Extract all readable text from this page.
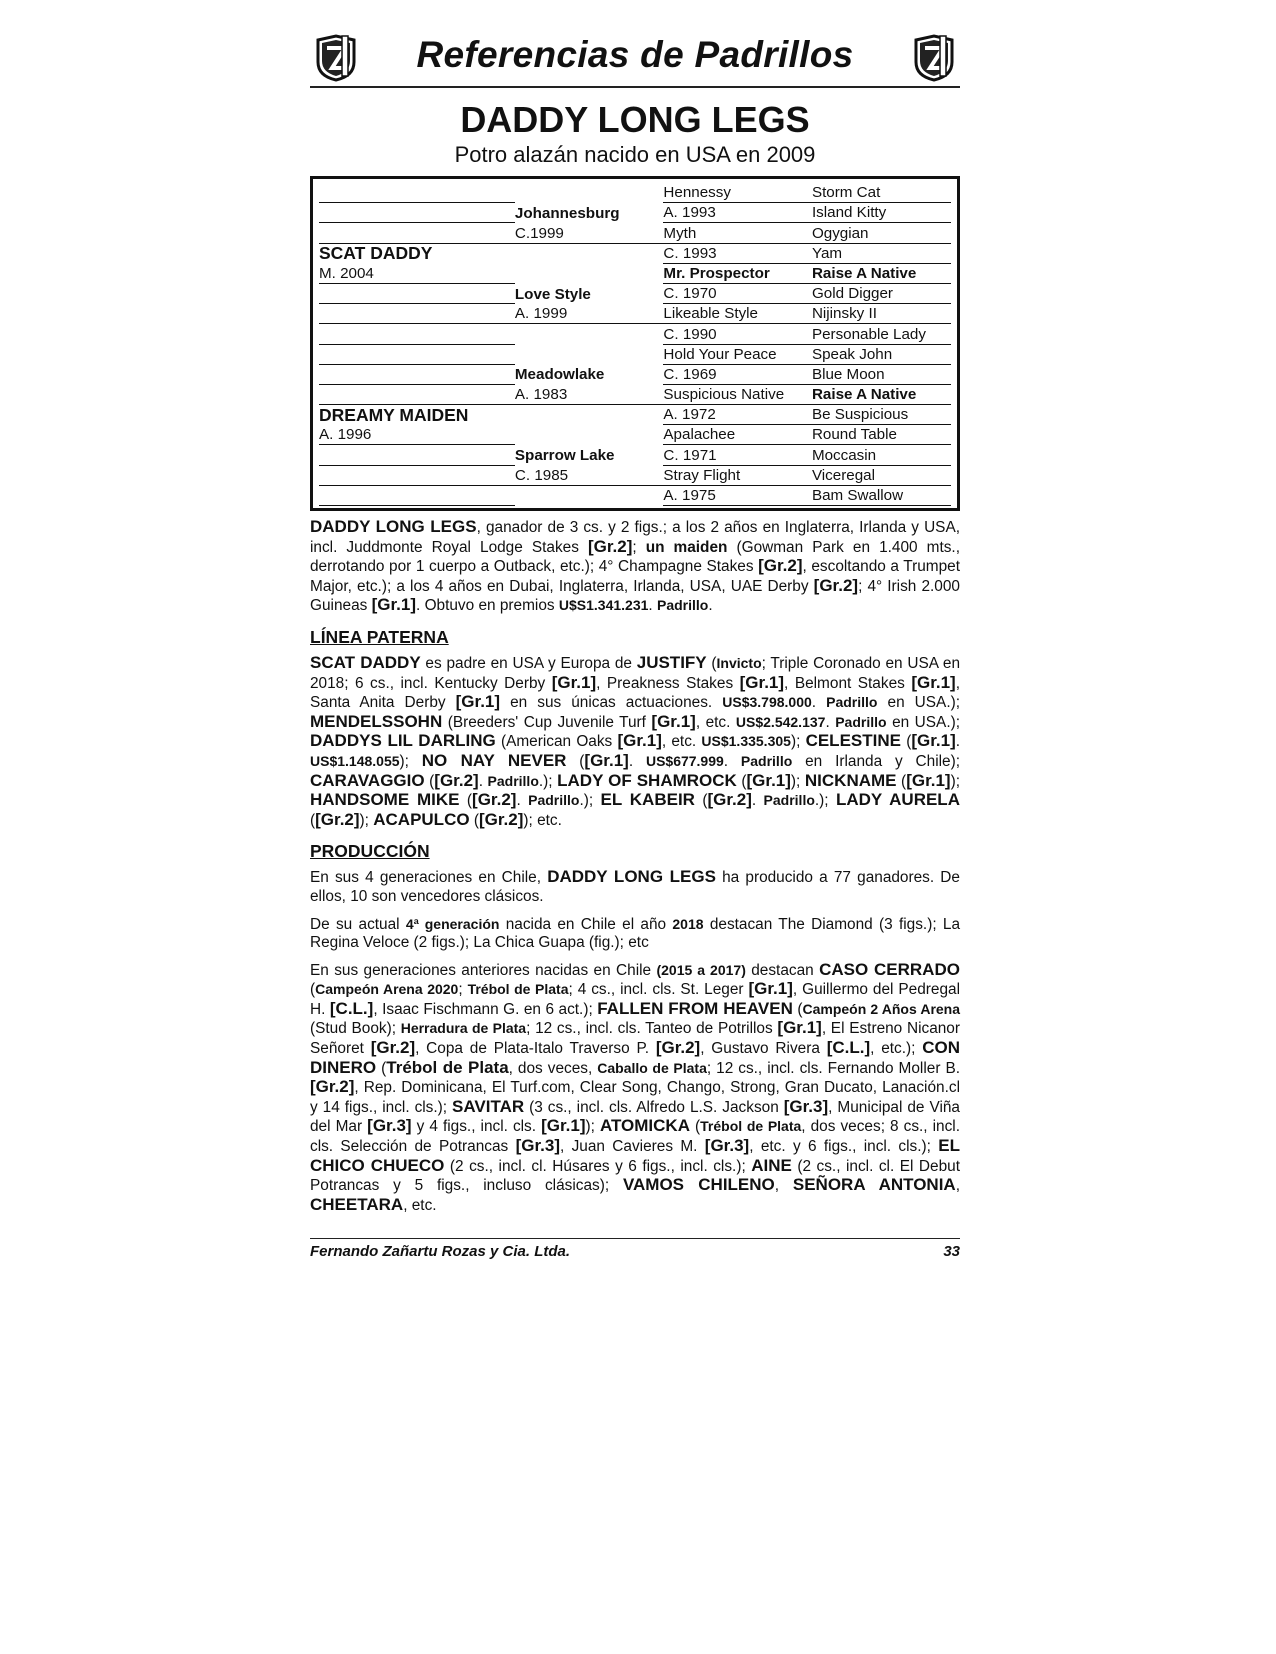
Referencias de Padrillos
DADDY LONG LEGS
Potro alazán nacido en USA en 2009
		Hennessy	Storm Cat
	Johannesburg	A. 1993	Island Kitty
	C.1999	Myth	Ogygian
SCAT DADDY		C. 1993	Yam
M. 2004		Mr. Prospector	Raise A Native
	Love Style	C. 1970	Gold Digger
	A. 1999	Likeable Style	Nijinsky II
		C. 1990	Personable Lady
		Hold Your Peace	Speak John
	Meadowlake	C. 1969	Blue Moon
	A. 1983	Suspicious Native	Raise A Native
DREAMY MAIDEN		A. 1972	Be Suspicious
A. 1996		Apalachee	Round Table
	Sparrow Lake	C. 1971	Moccasin
	C. 1985	Stray Flight	Viceregal
		A. 1975	Bam Swallow

DADDY LONG LEGS, ganador de 3 cs. y 2 figs.; a los 2 años en Inglaterra, Irlanda y USA, incl. Juddmonte Royal Lodge Stakes [Gr.2]; un maiden (Gowman Park en 1.400 mts., derrotando por 1 cuerpo a Outback, etc.); 4° Champagne Stakes [Gr.2], escoltando a Trumpet Major, etc.); a los 4 años en Dubai, Inglaterra, Irlanda, USA, UAE Derby [Gr.2]; 4° Irish 2.000 Guineas [Gr.1]. Obtuvo en premios U$S1.341.231. Padrillo.

LÍNEA PATERNA

SCAT DADDY es padre en USA y Europa de JUSTIFY (Invicto; Triple Coronado en USA en 2018; 6 cs., incl. Kentucky Derby [Gr.1], Preakness Stakes [Gr.1], Belmont Stakes [Gr.1], Santa Anita Derby [Gr.1] en sus únicas actuaciones. US$3.798.000. Padrillo en USA.); MENDELSSOHN (Breeders' Cup Juvenile Turf [Gr.1], etc. US$2.542.137. Padrillo en USA.); DADDYS LIL DARLING (American Oaks [Gr.1], etc. US$1.335.305); CELESTINE ([Gr.1]. US$1.148.055); NO NAY NEVER ([Gr.1]. US$677.999. Padrillo en Irlanda y Chile); CARAVAGGIO ([Gr.2]. Padrillo.); LADY OF SHAMROCK ([Gr.1]); NICKNAME ([Gr.1]); HANDSOME MIKE ([Gr.2]. Padrillo.); EL KABEIR ([Gr.2]. Padrillo.); LADY AURELA ([Gr.2]); ACAPULCO ([Gr.2]); etc.

PRODUCCIÓN

En sus 4 generaciones en Chile, DADDY LONG LEGS ha producido a 77 ganadores. De ellos, 10 son vencedores clásicos.

De su actual 4ª generación nacida en Chile el año 2018 destacan The Diamond (3 figs.); La Regina Veloce (2 figs.); La Chica Guapa (fig.); etc

En sus generaciones anteriores nacidas en Chile (2015 a 2017) destacan CASO CERRADO (Campeón Arena 2020; Trébol de Plata; 4 cs., incl. cls. St. Leger [Gr.1], Guillermo del Pedregal H. [C.L.], Isaac Fischmann G. en 6 act.); FALLEN FROM HEAVEN (Campeón 2 Años Arena (Stud Book); Herradura de Plata; 12 cs., incl. cls. Tanteo de Potrillos [Gr.1], El Estreno Nicanor Señoret [Gr.2], Copa de Plata-Italo Traverso P. [Gr.2], Gustavo Rivera [C.L.], etc.); CON DINERO (Trébol de Plata, dos veces, Caballo de Plata; 12 cs., incl. cls. Fernando Moller B. [Gr.2], Rep. Dominicana, El Turf.com, Clear Song, Chango, Strong, Gran Ducato, Lanación.cl y 14 figs., incl. cls.); SAVITAR (3 cs., incl. cls. Alfredo L.S. Jackson [Gr.3], Municipal de Viña del Mar [Gr.3] y 4 figs., incl. cls. [Gr.1]); ATOMICKA (Trébol de Plata, dos veces; 8 cs., incl. cls. Selección de Potrancas [Gr.3], Juan Cavieres M. [Gr.3], etc. y 6 figs., incl. cls.); EL CHICO CHUECO (2 cs., incl. cl. Húsares y 6 figs., incl. cls.); AINE (2 cs., incl. cl. El Debut Potrancas y 5 figs., incluso clásicas); VAMOS CHILENO, SEÑORA ANTONIA, CHEETARA, etc.

Fernando Zañartu Rozas y Cia. Ltda.	33
